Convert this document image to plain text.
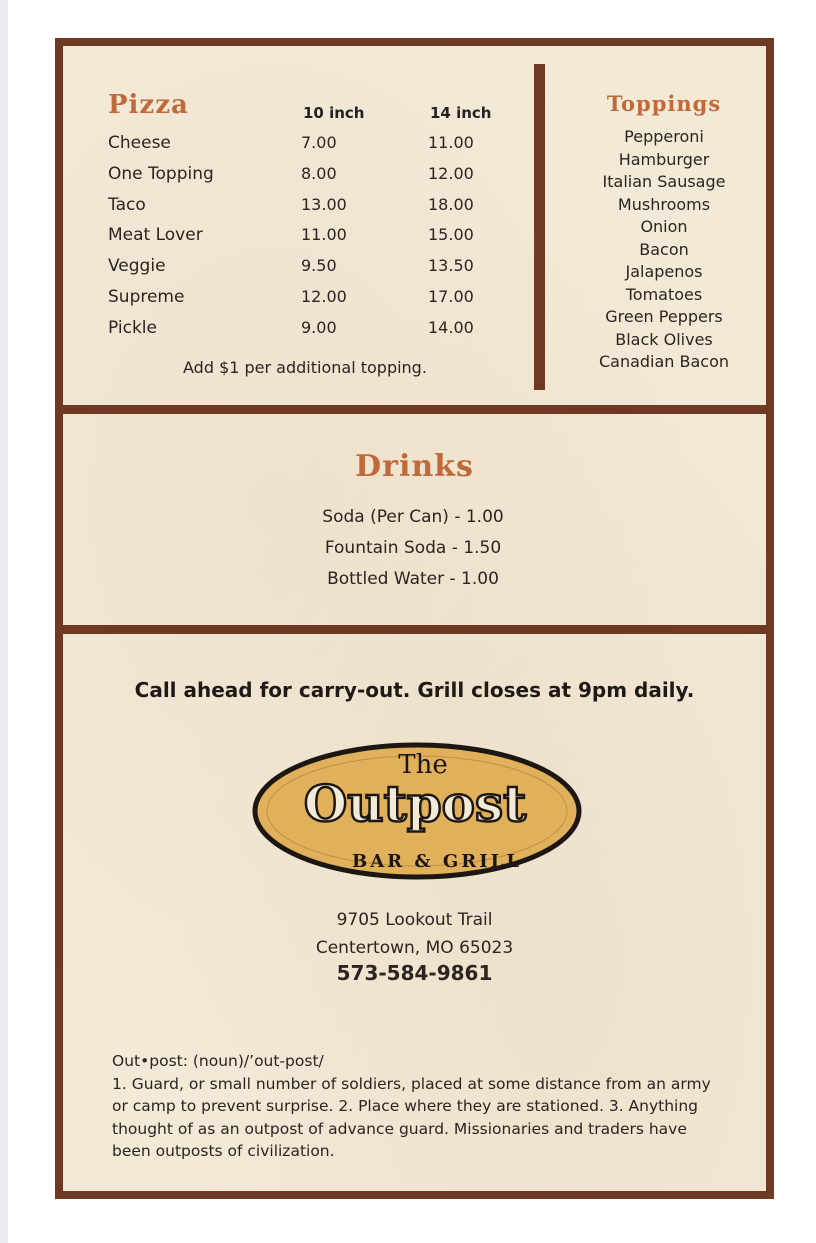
Pizza	10 inch	14 inch
Cheese	7.00	11.00
One Topping	8.00	12.00
Taco	13.00	18.00
Meat Lover	11.00	15.00
Veggie	9.50	13.50
Supreme	12.00	17.00
Pickle	9.00	14.00
Add $1 per additional topping.
Toppings
Pepperoni
Hamburger
Italian Sausage
Mushrooms
Onion
Bacon
Jalapenos
Tomatoes
Green Peppers
Black Olives
Canadian Bacon
Drinks
Soda (Per Can) - 1.00
Fountain Soda - 1.50
Bottled Water - 1.00
Call ahead for carry-out. Grill closes at 9pm daily.
The
Outpost
BAR & GRILL
9705 Lookout Trail
Centertown, MO 65023
573-584-9861
Out•post: (noun)/’out-post/
1. Guard, or small number of soldiers, placed at some distance from an army or camp to prevent surprise. 2. Place where they are stationed. 3. Anything thought of as an outpost of advance guard. Missionaries and traders have been outposts of civilization.
